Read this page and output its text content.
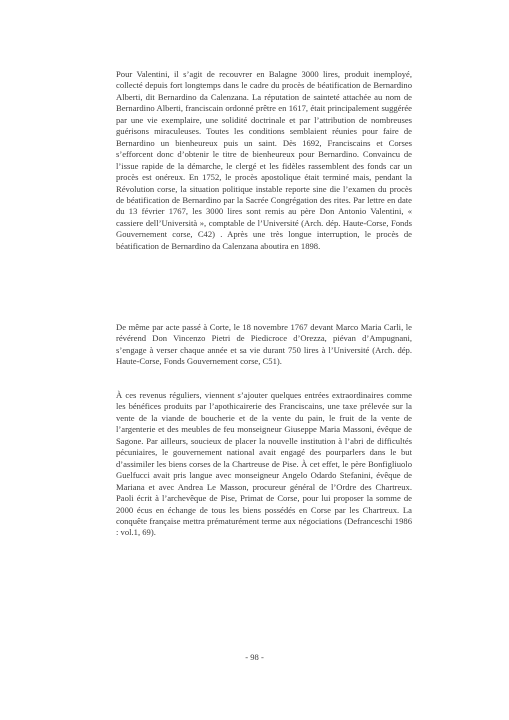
Pour Valentini, il s’agit de recouvrer en Balagne 3000 lires, produit inemployé, collecté depuis fort longtemps dans le cadre du procès de béatification de Bernardino Alberti, dit Bernardino da Calenzana. La réputation de sainteté attachée au nom de Bernardino Alberti, franciscain ordonné prêtre en 1617, était principalement suggérée par une vie exemplaire, une solidité doctrinale et par l’attribution de nombreuses guérisons miraculeuses. Toutes les conditions semblaient réunies pour faire de Bernardino un bienheureux puis un saint. Dès 1692, Franciscains et Corses s’efforcent donc d’obtenir le titre de bienheureux pour Bernardino. Convaincu de l’issue rapide de la démarche, le clergé et les fidèles rassemblent des fonds car un procès est onéreux. En 1752, le procès apostolique était terminé mais, pendant la Révolution corse, la situation politique instable reporte sine die l’examen du procès de béatification de Bernardino par la Sacrée Congrégation des rites. Par lettre en date du 13 février 1767, les 3000 lires sont remis au père Don Antonio Valentini, « cassiere dell’Università », comptable de l’Université (Arch. dép. Haute-Corse, Fonds Gouvernement corse, C42) . Après une très longue interruption, le procès de béatification de Bernardino da Calenzana aboutira en 1898.

De même par acte passé à Corte, le 18 novembre 1767 devant Marco Maria Carli, le révérend Don Vincenzo Pietri de Piedicroce d’Orezza, piévan d’Ampugnani, s’engage à verser chaque année et sa vie durant 750 lires à l’Université (Arch. dép. Haute-Corse, Fonds Gouvernement corse, C51).

À ces revenus réguliers, viennent s’ajouter quelques entrées extraordinaires comme les bénéfices produits par l’apothicairerie des Franciscains, une taxe prélevée sur la vente de la viande de boucherie et de la vente du pain, le fruit de la vente de l’argenterie et des meubles de feu monseigneur Giuseppe Maria Massoni, évêque de Sagone. Par ailleurs, soucieux de placer la nouvelle institution à l’abri de difficultés pécuniaires, le gouvernement national avait engagé des pourparlers dans le but d’assimiler les biens corses de la Chartreuse de Pise. À cet effet, le père Bonfigliuolo Guelfucci avait pris langue avec monseigneur Angelo Odardo Stefanini, évêque de Mariana et avec Andrea Le Masson, procureur général de l’Ordre des Chartreux. Paoli écrit à l’archevêque de Pise, Primat de Corse, pour lui proposer la somme de 2000 écus en échange de tous les biens possédés en Corse par les Chartreux. La conquête française mettra prématurément terme aux négociations (Defranceschi 1986 : vol.1, 69).

- 98 -
